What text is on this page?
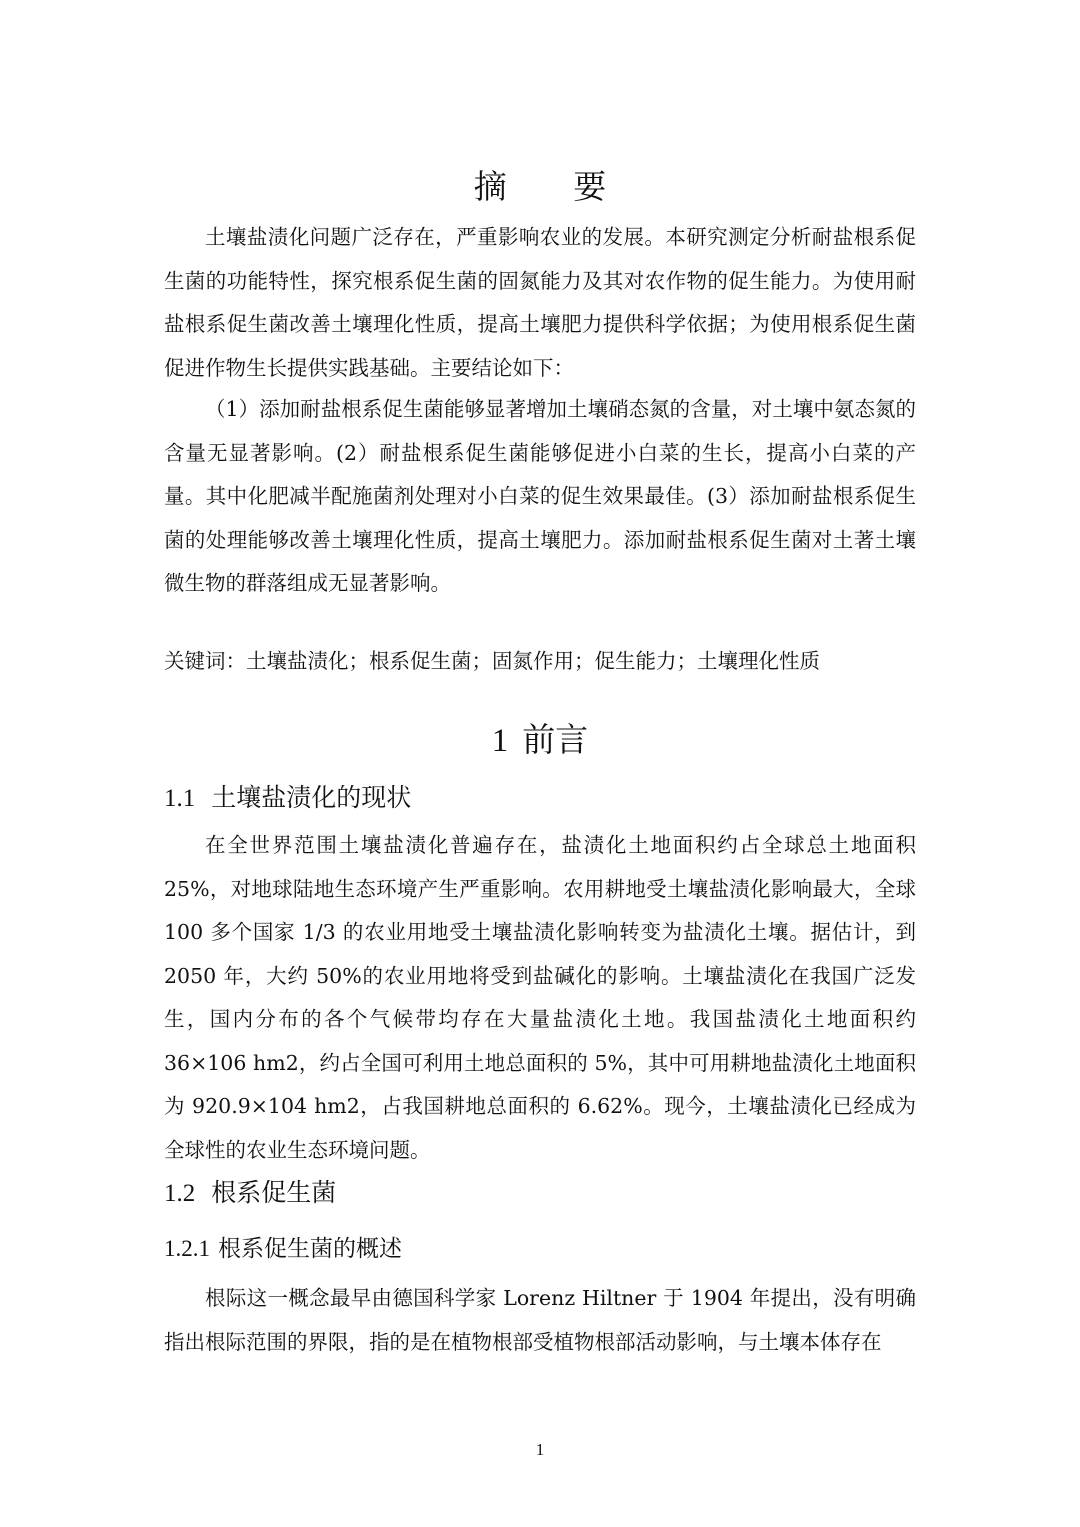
摘 要

土壤盐渍化问题广泛存在，严重影响农业的发展。本研究测定分析耐盐根系促生菌的功能特性，探究根系促生菌的固氮能力及其对农作物的促生能力。为使用耐盐根系促生菌改善土壤理化性质，提高土壤肥力提供科学依据；为使用根系促生菌促进作物生长提供实践基础。主要结论如下：

（1）添加耐盐根系促生菌能够显著增加土壤硝态氮的含量，对土壤中氨态氮的含量无显著影响。(2）耐盐根系促生菌能够促进小白菜的生长，提高小白菜的产量。其中化肥减半配施菌剂处理对小白菜的促生效果最佳。(3）添加耐盐根系促生菌的处理能够改善土壤理化性质，提高土壤肥力。添加耐盐根系促生菌对土著土壤微生物的群落组成无显著影响。

关键词：土壤盐渍化；根系促生菌；固氮作用；促生能力；土壤理化性质
1 前言
1.1 土壤盐渍化的现状

在全世界范围土壤盐渍化普遍存在，盐渍化土地面积约占全球总土地面积25%，对地球陆地生态环境产生严重影响。农用耕地受土壤盐渍化影响最大，全球 100 多个国家 1/3 的农业用地受土壤盐渍化影响转变为盐渍化土壤。据估计，到 2050 年，大约 50%的农业用地将受到盐碱化的影响。土壤盐渍化在我国广泛发生，国内分布的各个气候带均存在大量盐渍化土地。我国盐渍化土地面积约36×106 hm2，约占全国可利用土地总面积的 5%，其中可用耕地盐渍化土地面积为 920.9×104 hm2，占我国耕地总面积的 6.62%。现今，土壤盐渍化已经成为全球性的农业生态环境问题。

1.2 根系促生菌
1.2.1 根系促生菌的概述

根际这一概念最早由德国科学家 Lorenz Hiltner 于 1904 年提出，没有明确指出根际范围的界限，指的是在植物根部受植物根部活动影响，与土壤本体存在

1
